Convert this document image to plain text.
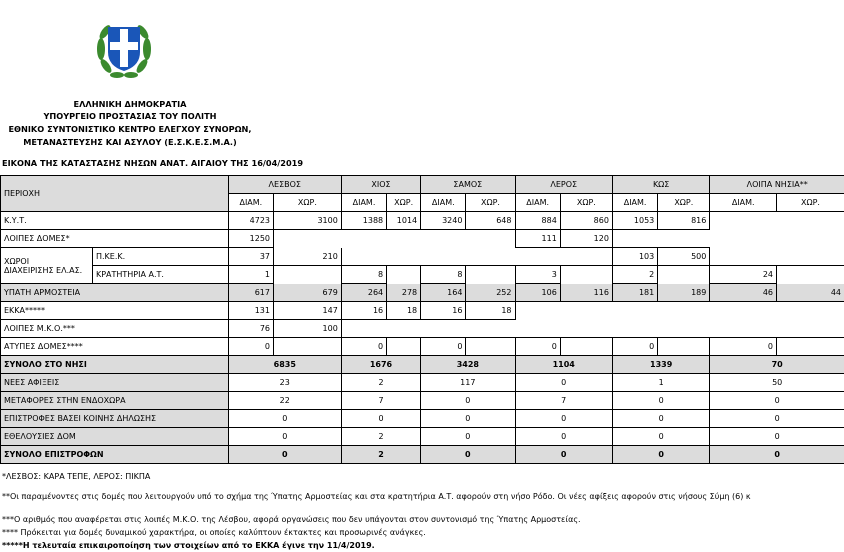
ΕΛΛΗΝΙΚΗ ΔΗΜΟΚΡΑΤΙΑ
ΥΠΟΥΡΓΕΙΟ ΠΡΟΣΤΑΣΙΑΣ ΤΟΥ ΠΟΛΙΤΗ
ΕΘΝΙΚΟ ΣΥΝΤΟΝΙΣΤΙΚΟ ΚΕΝΤΡΟ ΕΛΕΓΧΟΥ ΣΥΝΟΡΩΝ,
ΜΕΤΑΝΑΣΤΕΥΣΗΣ ΚΑΙ ΑΣΥΛΟΥ (Ε.Σ.Κ.Ε.Σ.Μ.Α.)
ΕΙΚΟΝΑ ΤΗΣ ΚΑΤΑΣΤΑΣΗΣ ΝΗΣΩΝ ΑΝΑΤ. ΑΙΓΑΙΟΥ ΤΗΣ 16/04/2019
ΠΕΡΙΟΧΗ		ΛΕΣΒΟΣ		ΧΙΟΣ		ΣΑΜΟΣ		ΛΕΡΟΣ		ΚΩΣ		ΛΟΙΠΑ ΝΗΣΙΑ**	
		ΔΙΑΜ.	ΧΩΡ.	ΔΙΑΜ.	ΧΩΡ.	ΔΙΑΜ.	ΧΩΡ.	ΔΙΑΜ.	ΧΩΡ.	ΔΙΑΜ.	ΧΩΡ.	ΔΙΑΜ.	ΧΩΡ.
Κ.Υ.Τ.		4723	3100	1388	1014	3240	648	884	860	1053	816		
ΛΟΙΠΕΣ ΔΟΜΕΣ*		1250						111	120				
ΧΩΡΟΙ	Π.ΚΕ.Κ.	37	210							103	500		
ΔΙΑΧΕΙΡΙΣΗΣ ΕΛ.ΑΣ.	ΚΡΑΤΗΤΗΡΙΑ Α.Τ.	1		8		8		3		2		24	
ΥΠΑΤΗ ΑΡΜΟΣΤΕΙΑ		617	679	264	278	164	252	106	116	181	189	46	44
ΕΚΚΑ*****		131	147	16	18	16	18						
ΛΟΙΠΕΣ Μ.Κ.Ο.***		76	100										
ΑΤΥΠΕΣ ΔΟΜΕΣ****		0		0		0		0		0		0	
ΣΥΝΟΛΟ ΣΤΟ ΝΗΣΙ		6835		1676		3428		1104		1339		70	
ΝΕΕΣ ΑΦΙΞΕΙΣ		23		2		117		0		1		50	
ΜΕΤΑΦΟΡΕΣ ΣΤΗΝ ΕΝΔΟΧΩΡΑ		22		7		0		7		0		0	
ΕΠΙΣΤΡΟΦΕΣ ΒΑΣΕΙ ΚΟΙΝΗΣ ΔΗΛΩΣΗΣ		0		0		0		0		0		0	
ΕΘΕΛΟΥΣΙΕΣ ΔΟΜ		0		2		0		0		0		0	
ΣΥΝΟΛΟ ΕΠΙΣΤΡΟΦΩΝ		0		2		0		0		0		0	
*ΛΕΣΒΟΣ: ΚΑΡΑ ΤΕΠΕ, ΛΕΡΟΣ: ΠΙΚΠΑ
**Οι παραμένοντες στις δομές που λειτουργούν υπό το σχήμα της Ύπατης Αρμοστείας και στα κρατητήρια Α.Τ. αφορούν στη νήσο Ρόδο. Οι νέες αφίξεις αφορούν στις νήσους Σύμη (6) κ
***Ο αριθμός που αναφέρεται στις λοιπές Μ.Κ.Ο. της Λέσβου, αφορά οργανώσεις που δεν υπάγονται στον συντονισμό της Ύπατης Αρμοστείας.
**** Πρόκειται για δομές δυναμικού χαρακτήρα, οι οποίες καλύπτουν έκτακτες και προσωρινές ανάγκες.
*****Η τελευταία επικαιροποίηση των στοιχείων από το ΕΚΚΑ έγινε την 11/4/2019.
